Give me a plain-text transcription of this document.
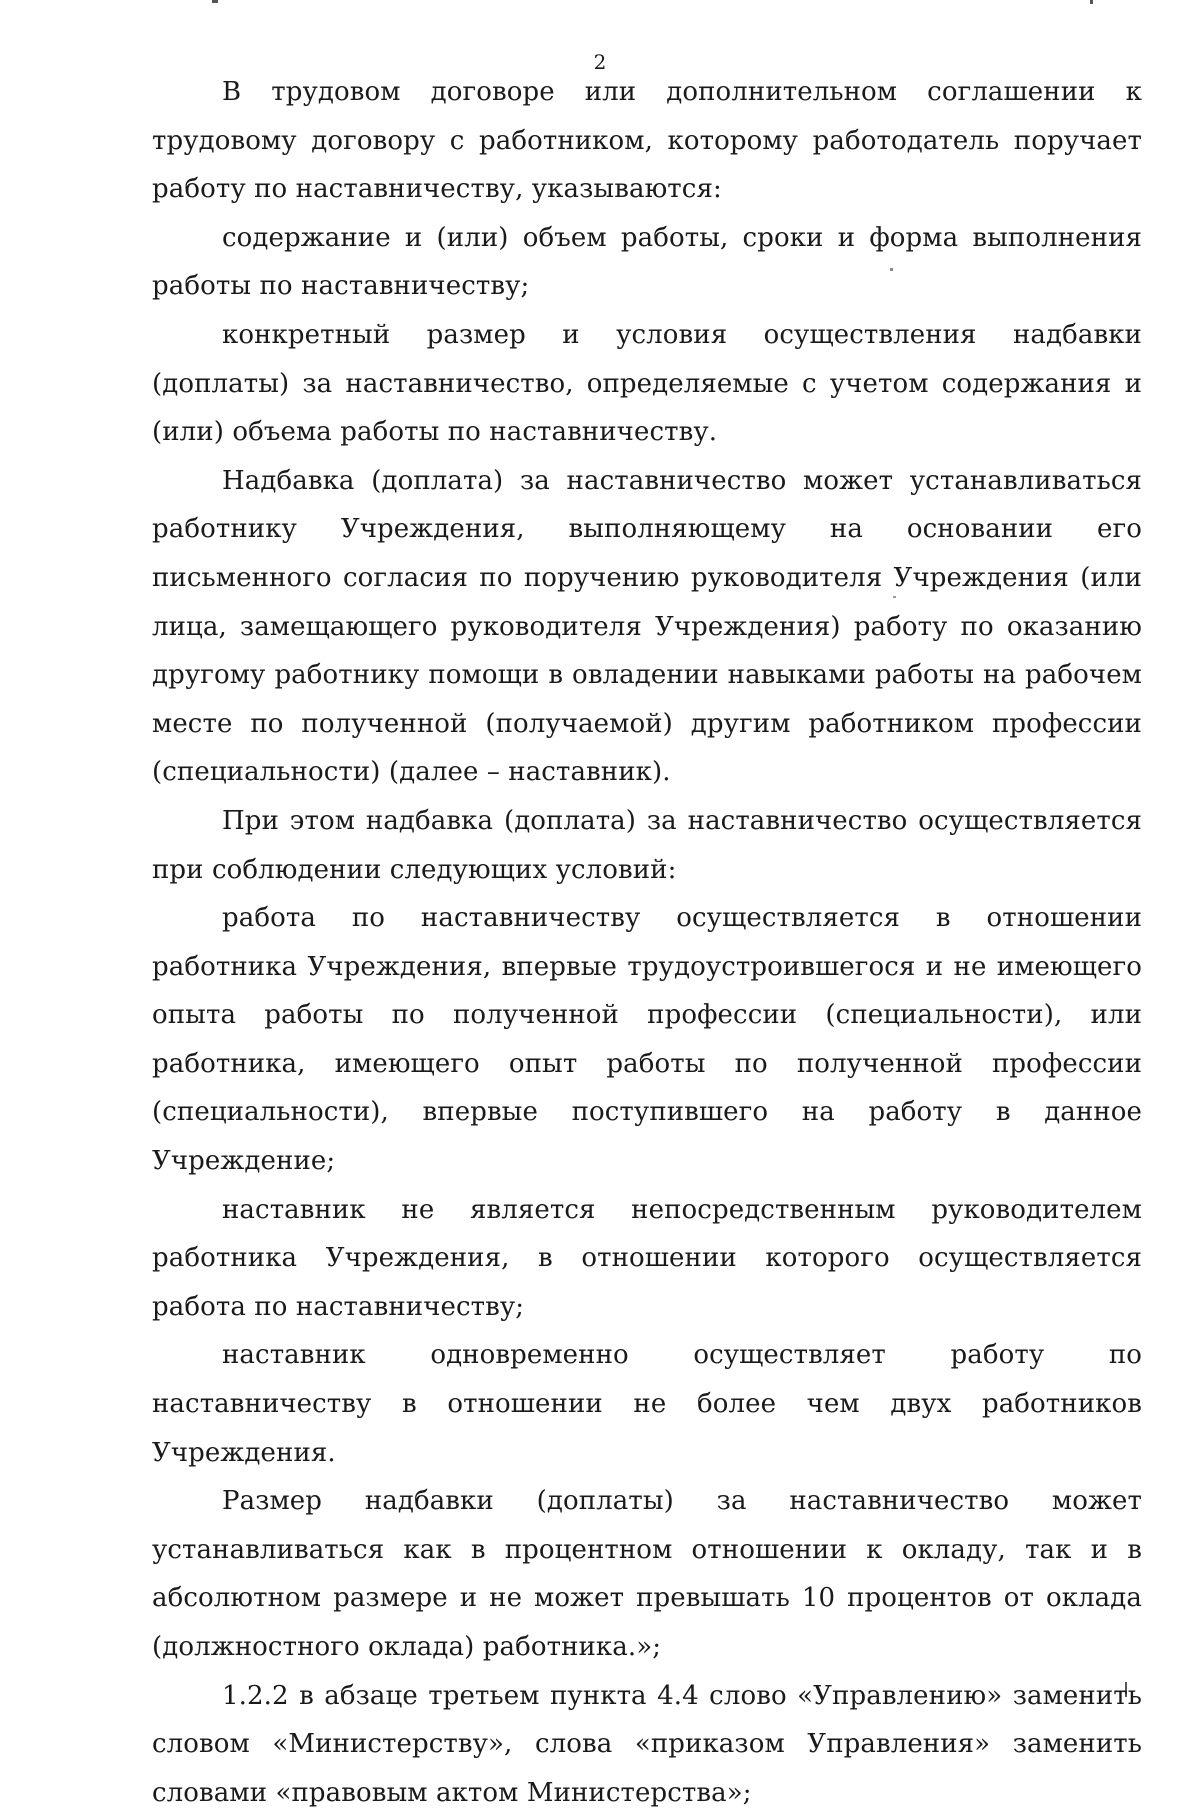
2

В трудовом договоре или дополнительном соглашении к трудовому договору с работником, которому работодатель поручает работу по наставничеству, указываются:

содержание и (или) объем работы, сроки и форма выполнения работы по наставничеству;

конкретный размер и условия осуществления надбавки (доплаты) за наставничество, определяемые с учетом содержания и (или) объема работы по наставничеству.

Надбавка (доплата) за наставничество может устанавливаться работнику Учреждения, выполняющему на основании его письменного согласия по поручению руководителя Учреждения (или лица, замещающего руководителя Учреждения) работу по оказанию другому работнику помощи в овладении навыками работы на рабочем месте по полученной (получаемой) другим работником профессии (специальности) (далее – наставник).

При этом надбавка (доплата) за наставничество осуществляется при соблюдении следующих условий:

работа по наставничеству осуществляется в отношении работника Учреждения, впервые трудоустроившегося и не имеющего опыта работы по полученной профессии (специальности), или работника, имеющего опыт работы по полученной профессии (специальности), впервые поступившего на работу в данное Учреждение;

наставник не является непосредственным руководителем работника Учреждения, в отношении которого осуществляется работа по наставничеству;

наставник одновременно осуществляет работу по наставничеству в отношении не более чем двух работников Учреждения.

Размер надбавки (доплаты) за наставничество может устанавливаться как в процентном отношении к окладу, так и в абсолютном размере и не может превышать 10 процентов от оклада (должностного оклада) работника.»;

1.2.2 в абзаце третьем пункта 4.4 слово «Управлению» заменить словом «Министерству», слова «приказом Управления» заменить словами «правовым актом Министерства»;
